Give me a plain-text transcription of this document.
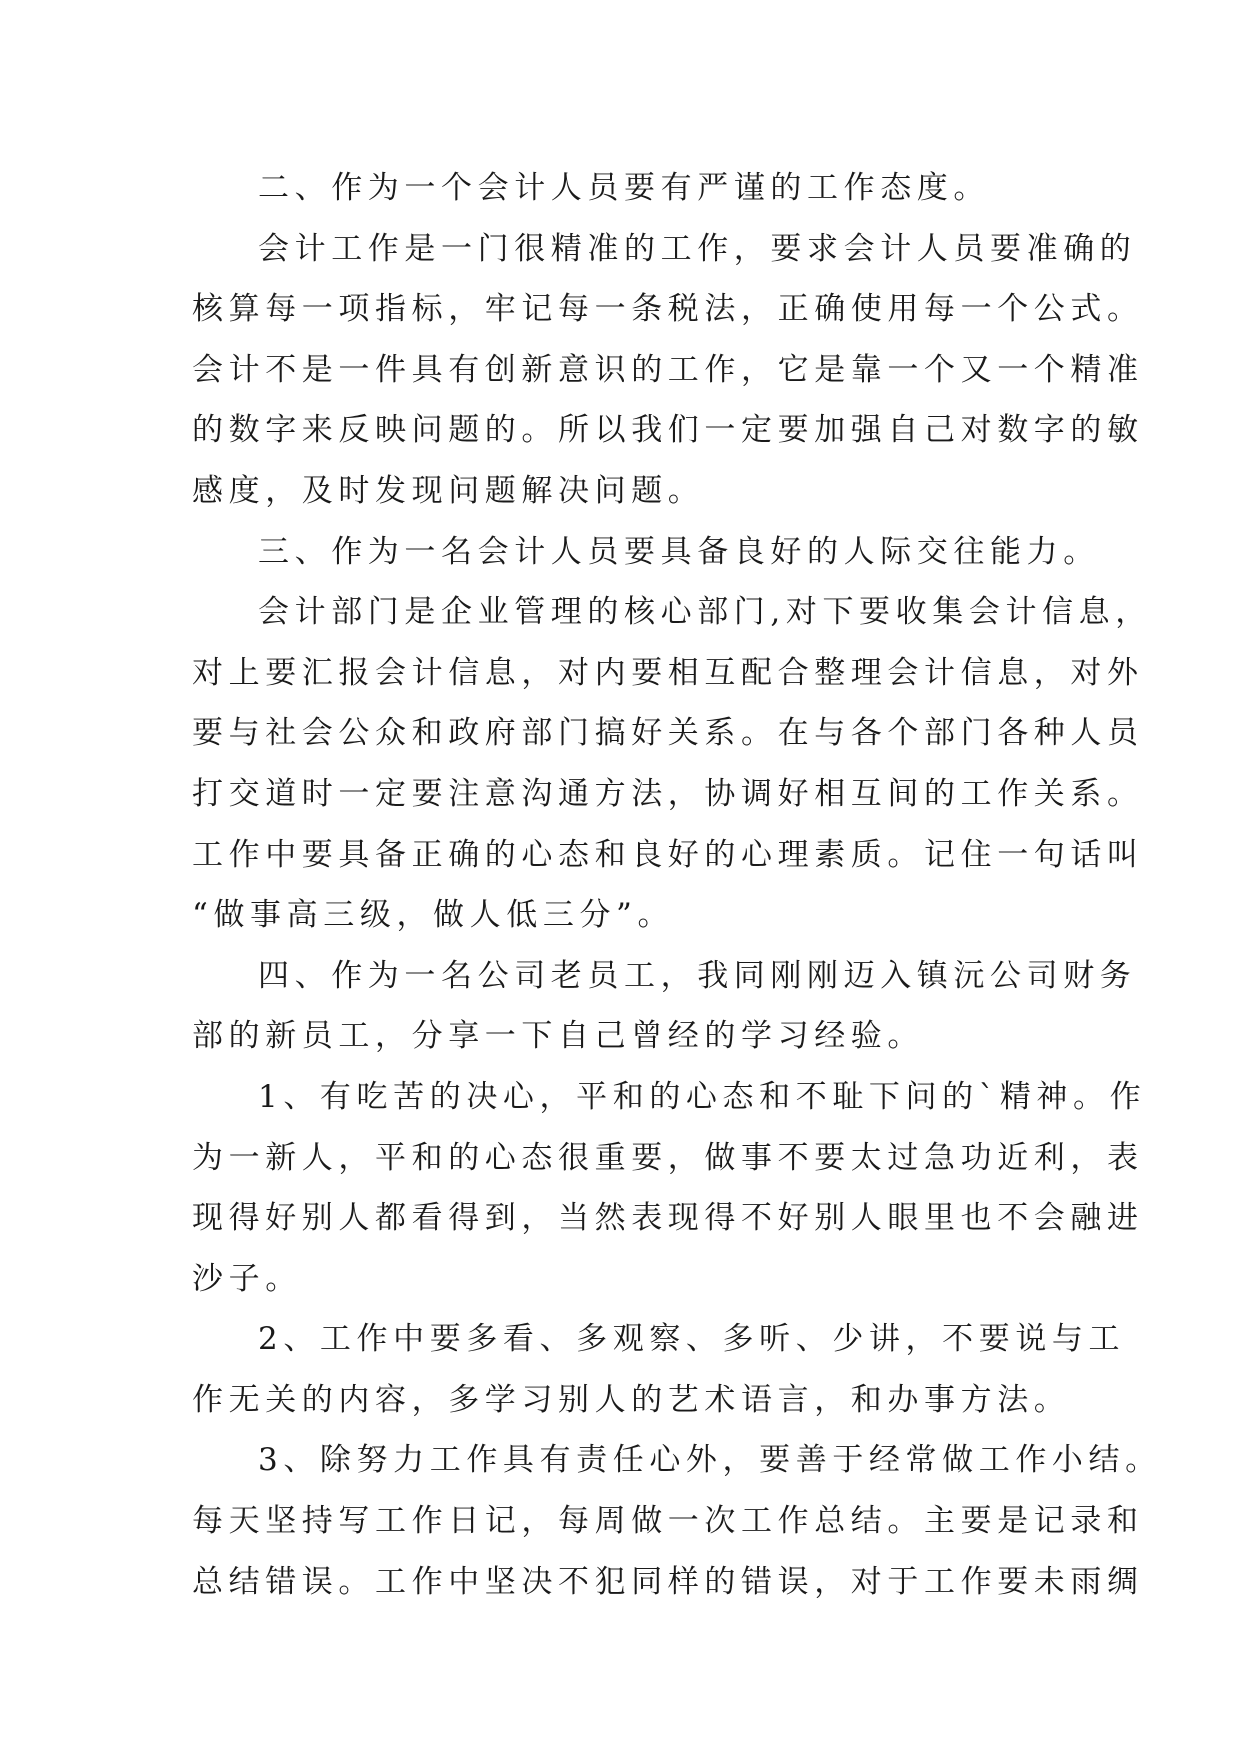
二、作为一个会计人员要有严谨的工作态度。
会计工作是一门很精准的工作，要求会计人员要准确的
核算每一项指标，牢记每一条税法，正确使用每一个公式。
会计不是一件具有创新意识的工作，它是靠一个又一个精准
的数字来反映问题的。所以我们一定要加强自己对数字的敏
感度，及时发现问题解决问题。
三、作为一名会计人员要具备良好的人际交往能力。
会计部门是企业管理的核心部门,对下要收集会计信息，
对上要汇报会计信息，对内要相互配合整理会计信息，对外
要与社会公众和政府部门搞好关系。在与各个部门各种人员
打交道时一定要注意沟通方法，协调好相互间的工作关系。
工作中要具备正确的心态和良好的心理素质。记住一句话叫
“做事高三级，做人低三分”。
四、作为一名公司老员工，我同刚刚迈入镇沅公司财务
部的新员工，分享一下自己曾经的学习经验。
1、有吃苦的决心，平和的心态和不耻下问的`精神。作
为一新人，平和的心态很重要，做事不要太过急功近利，表
现得好别人都看得到，当然表现得不好别人眼里也不会融进
沙子。
2、工作中要多看、多观察、多听、少讲，不要说与工
作无关的内容，多学习别人的艺术语言，和办事方法。
3、除努力工作具有责任心外，要善于经常做工作小结。
每天坚持写工作日记，每周做一次工作总结。主要是记录和
总结错误。工作中坚决不犯同样的错误，对于工作要未雨绸
